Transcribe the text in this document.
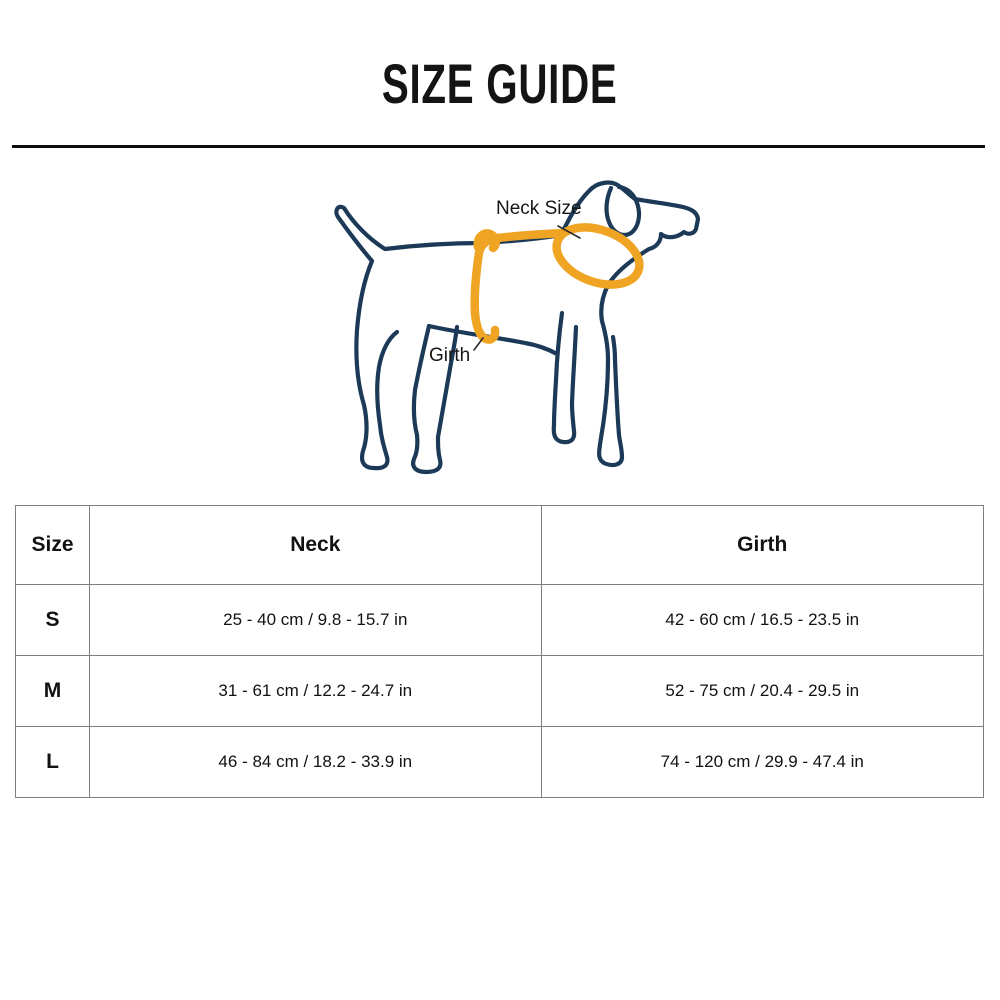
SIZE GUIDE
Neck Size
Girth
Size	Neck	Girth
S	25 - 40 cm / 9.8 - 15.7 in	42 - 60 cm / 16.5 - 23.5 in
M	31 - 61 cm / 12.2 - 24.7 in	52 - 75 cm / 20.4 - 29.5 in
L	46 - 84 cm / 18.2 - 33.9 in	74 - 120 cm / 29.9 - 47.4 in
